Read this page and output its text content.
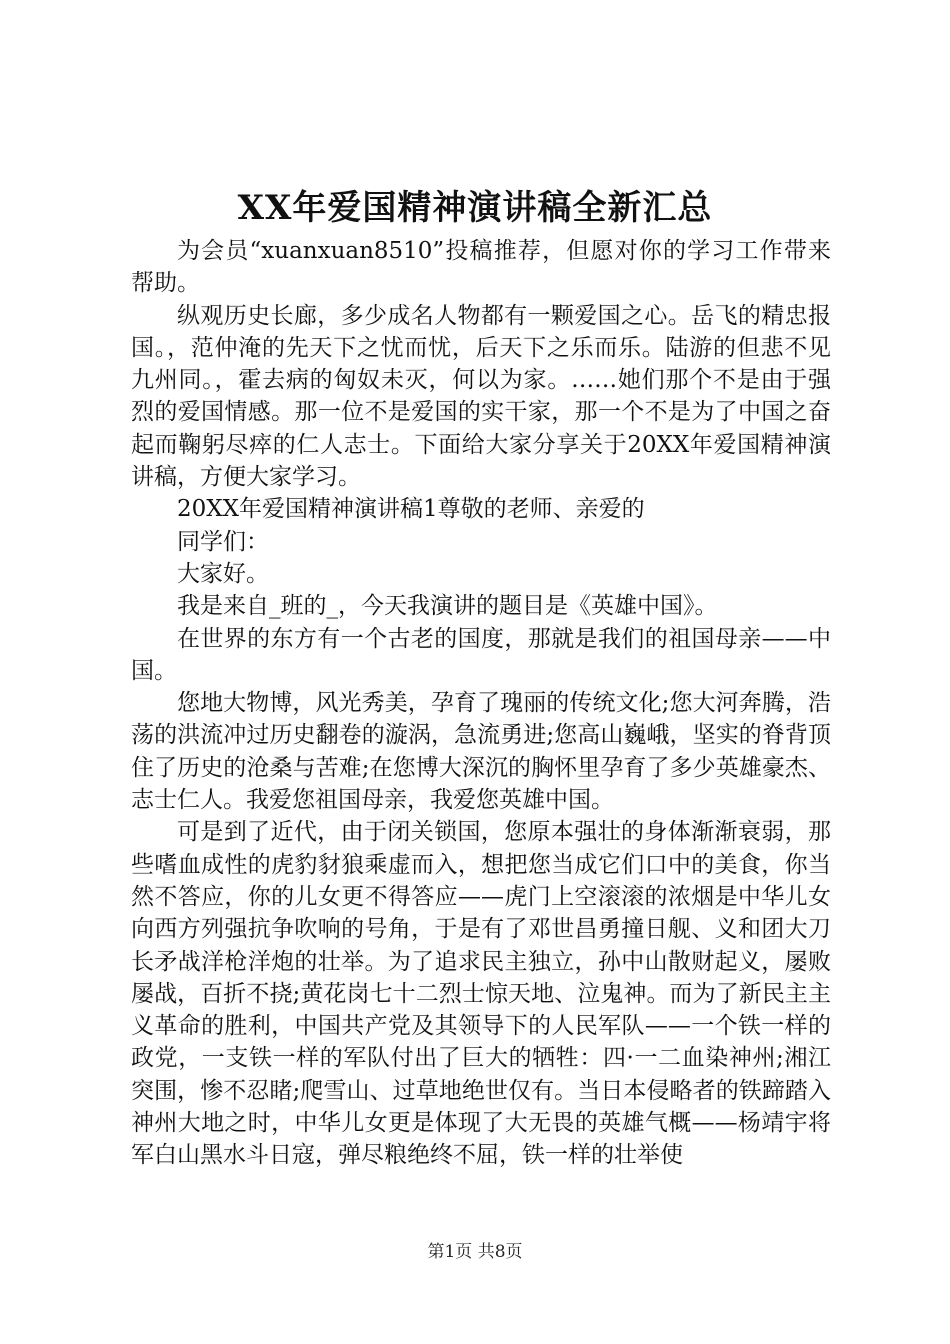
XX年爱国精神演讲稿全新汇总

为会员“xuanxuan8510”投稿推荐，但愿对你的学习工作带来帮助。

纵观历史长廊，多少成名人物都有一颗爱国之心。岳飞的精忠报国。，范仲淹的先天下之忧而忧，后天下之乐而乐。陆游的但悲不见九州同。，霍去病的匈奴未灭，何以为家。……她们那个不是由于强烈的爱国情感。那一位不是爱国的实干家，那一个不是为了中国之奋起而鞠躬尽瘁的仁人志士。下面给大家分享关于20XX年爱国精神演讲稿，方便大家学习。

20XX年爱国精神演讲稿1尊敬的老师、亲爱的

同学们：

大家好。

我是来自_班的_，今天我演讲的题目是《英雄中国》。

在世界的东方有一个古老的国度，那就是我们的祖国母亲——中国。

您地大物博，风光秀美，孕育了瑰丽的传统文化;您大河奔腾，浩荡的洪流冲过历史翻卷的漩涡，急流勇进;您高山巍峨，坚实的脊背顶住了历史的沧桑与苦难;在您博大深沉的胸怀里孕育了多少英雄豪杰、志士仁人。我爱您祖国母亲，我爱您英雄中国。

可是到了近代，由于闭关锁国，您原本强壮的身体渐渐衰弱，那些嗜血成性的虎豹豺狼乘虚而入，想把您当成它们口中的美食，你当然不答应，你的儿女更不得答应——虎门上空滚滚的浓烟是中华儿女向西方列强抗争吹响的号角，于是有了邓世昌勇撞日舰、义和团大刀长矛战洋枪洋炮的壮举。为了追求民主独立，孙中山散财起义，屡败屡战，百折不挠;黄花岗七十二烈士惊天地、泣鬼神。而为了新民主主义革命的胜利，中国共产党及其领导下的人民军队——一个铁一样的政党，一支铁一样的军队付出了巨大的牺牲：四·一二血染神州;湘江突围，惨不忍睹;爬雪山、过草地绝世仅有。当日本侵略者的铁蹄踏入神州大地之时，中华儿女更是体现了大无畏的英雄气概——杨靖宇将军白山黑水斗日寇，弹尽粮绝终不屈，铁一样的壮举使

第1页 共8页
